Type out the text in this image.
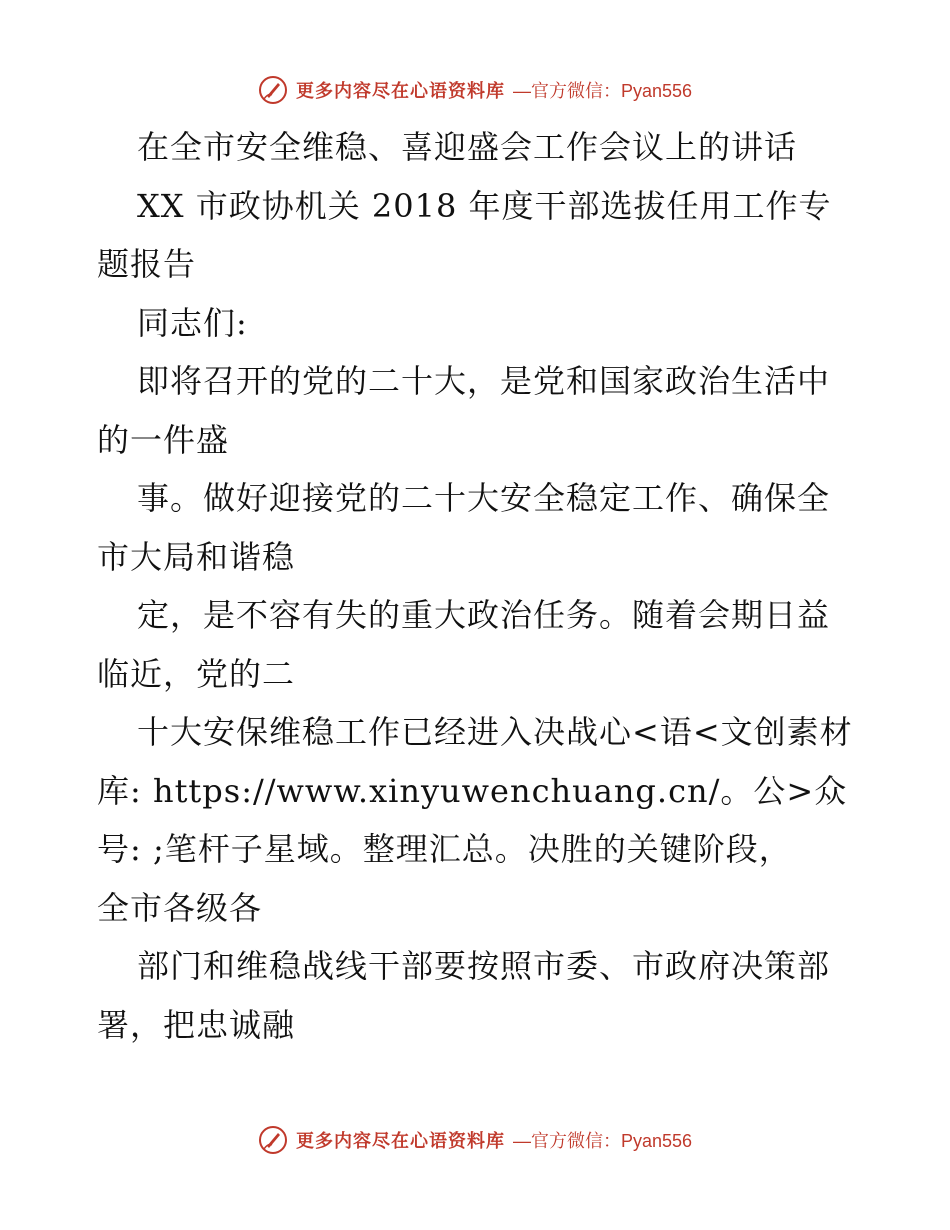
更多内容尽在心语资料库 —官方微信：Pyan556
在全市安全维稳、喜迎盛会工作会议上的讲话
XX 市政协机关 2018 年度干部选拔任用工作专
题报告
同志们:
即将召开的党的二十大，是党和国家政治生活中
的一件盛
事。做好迎接党的二十大安全稳定工作、确保全
市大局和谐稳
定，是不容有失的重大政治任务。随着会期日益
临近，党的二
十大安保维稳工作已经进入决战心<语<文创素材
库: https://www.xinyuwenchuang.cn/。公>众
号: ;笔杆子星域。整理汇总。决胜的关键阶段，
全市各级各
部门和维稳战线干部要按照市委、市政府决策部
署，把忠诚融
更多内容尽在心语资料库 —官方微信：Pyan556
